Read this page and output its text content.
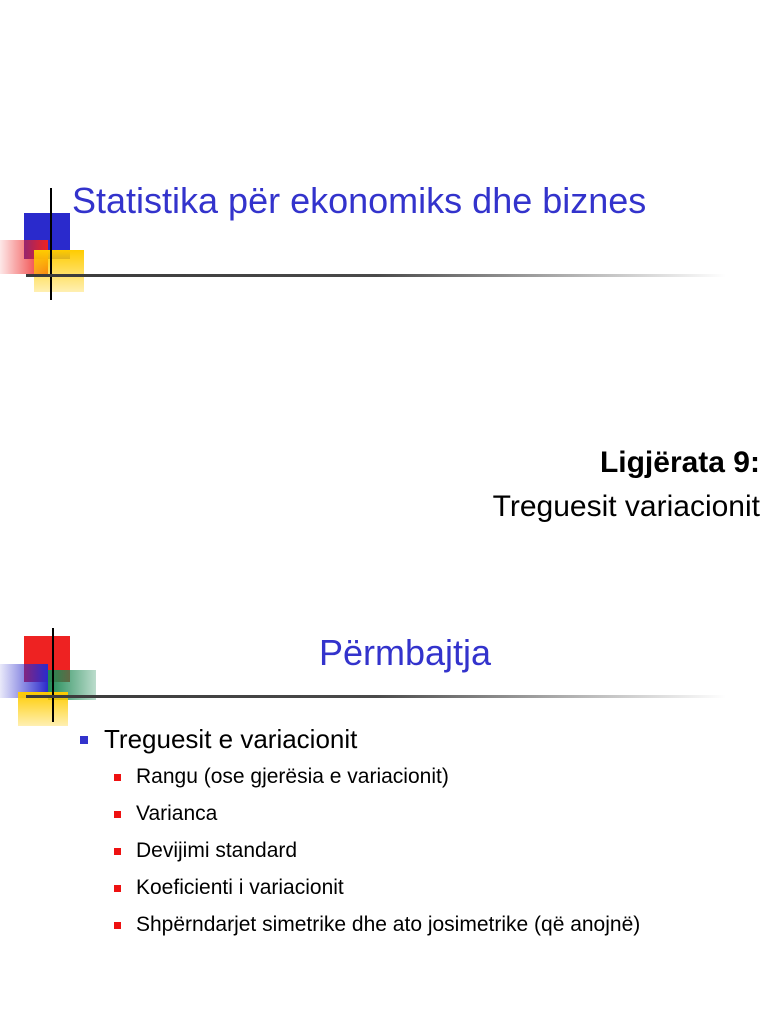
Statistika për ekonomiks dhe biznes
Ligjërata 9:
Treguesit variacionit
Përmbajtja
Treguesit e variacionit
Rangu (ose gjerësia e variacionit)
Varianca
Devijimi standard
Koeficienti i variacionit
Shpërndarjet simetrike dhe ato josimetrike (që anojnë)
